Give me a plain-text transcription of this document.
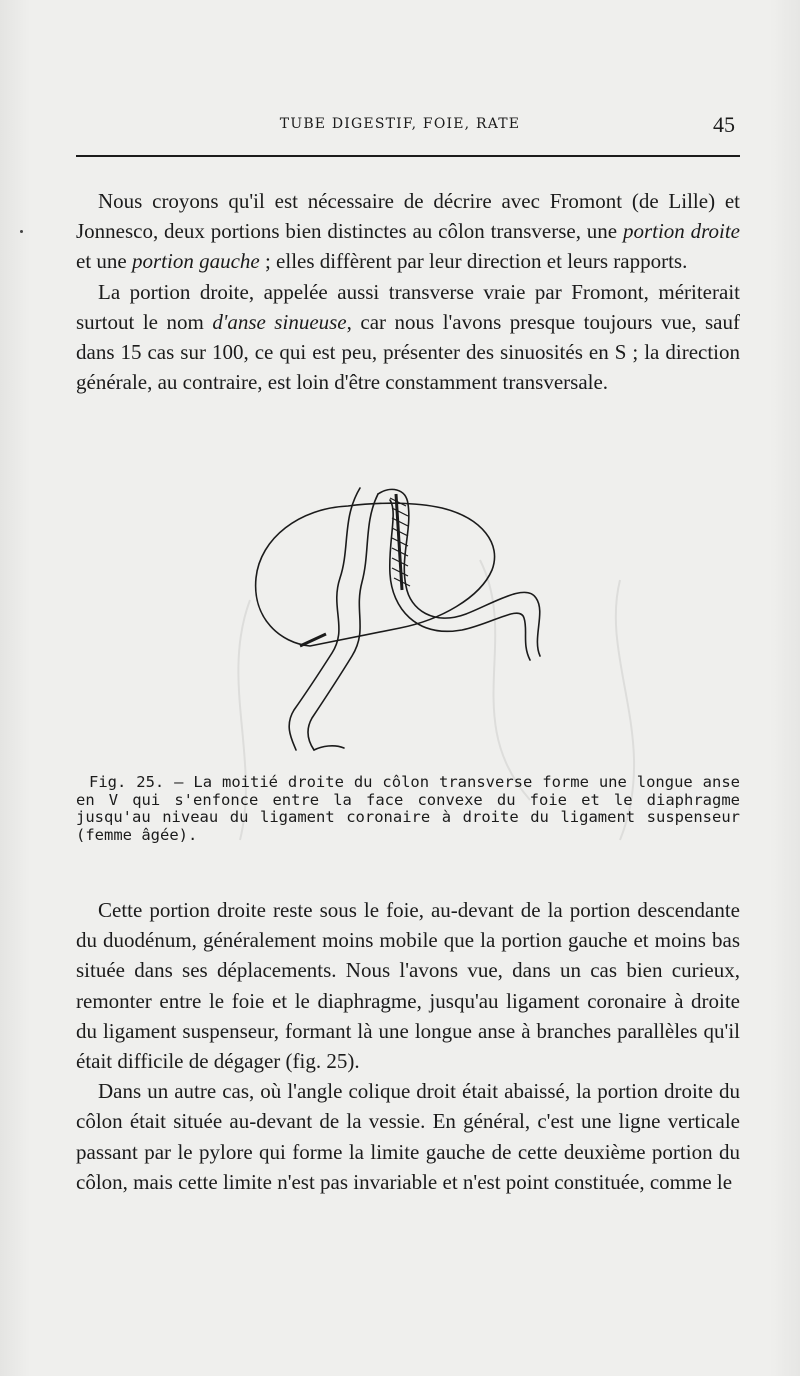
TUBE DIGESTIF, FOIE, RATE	45

Nous croyons qu'il est nécessaire de décrire avec Fromont (de Lille) et Jonnesco, deux portions bien distinctes au côlon transverse, une portion droite et une portion gauche ; elles diffèrent par leur direction et leurs rapports.

La portion droite, appelée aussi transverse vraie par Fromont, mériterait surtout le nom d'anse sinueuse, car nous l'avons presque toujours vue, sauf dans 15 cas sur 100, ce qui est peu, présenter des sinuosités en S ; la direction générale, au contraire, est loin d'être constamment transversale.

Fig. 25. — La moitié droite du côlon transverse forme une longue anse en V qui s'enfonce entre la face convexe du foie et le diaphragme jusqu'au niveau du ligament coronaire à droite du ligament suspenseur (femme âgée).

Cette portion droite reste sous le foie, au-devant de la portion descendante du duodénum, généralement moins mobile que la portion gauche et moins bas située dans ses déplacements. Nous l'avons vue, dans un cas bien curieux, remonter entre le foie et le diaphragme, jusqu'au ligament coronaire à droite du ligament suspenseur, formant là une longue anse à branches parallèles qu'il était difficile de dégager (fig. 25).

Dans un autre cas, où l'angle colique droit était abaissé, la portion droite du côlon était située au-devant de la vessie. En général, c'est une ligne verticale passant par le pylore qui forme la limite gauche de cette deuxième portion du côlon, mais cette limite n'est pas invariable et n'est point constituée, comme le
